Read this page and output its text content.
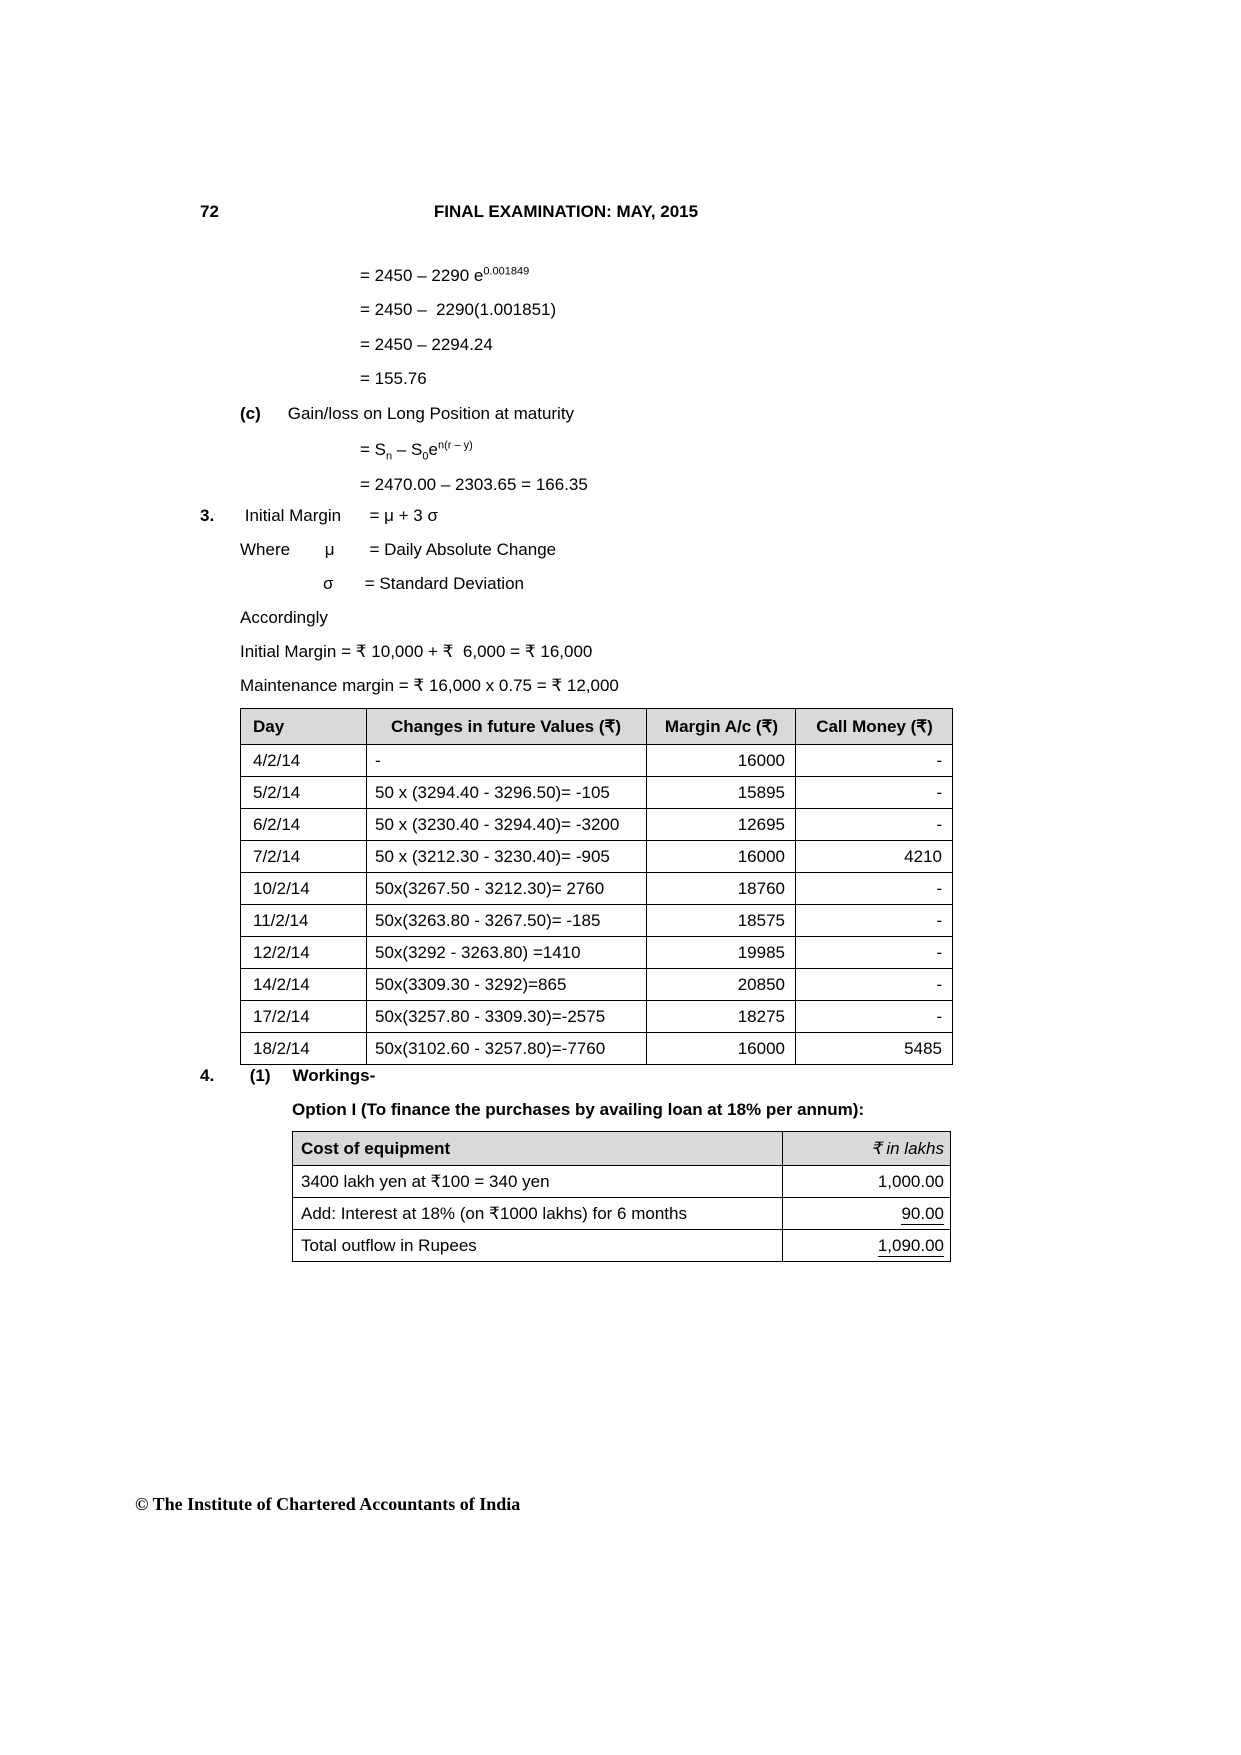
72	FINAL EXAMINATION: MAY, 2015
= 2450 – 2290 $e^{0.001849}$
= 2450 –  2290(1.001851)
= 2450 – 2294.24
= 155.76
(c) Gain/loss on Long Position at maturity
= $S_n - S_0e^{n(r - y)}$
= 2470.00 – 2303.65 = 166.35
3. Initial Margin = μ + 3 σ
Where μ = Daily Absolute Change
σ = Standard Deviation
Accordingly
Initial Margin = ₹ 10,000 + ₹  6,000 = ₹ 16,000
Maintenance margin = ₹ 16,000 x 0.75 = ₹ 12,000
Day	Changes in future Values (₹)	Margin A/c (₹)	Call Money (₹)
4/2/14	-	16000	-
5/2/14	50 x (3294.40 - 3296.50)= -105	15895	-
6/2/14	50 x (3230.40 - 3294.40)= -3200	12695	-
7/2/14	50 x (3212.30 - 3230.40)= -905	16000	4210
10/2/14	50x(3267.50 - 3212.30)= 2760	18760	-
11/2/14	50x(3263.80 - 3267.50)= -185	18575	-
12/2/14	50x(3292 - 3263.80) =1410	19985	-
14/2/14	50x(3309.30 - 3292)=865	20850	-
17/2/14	50x(3257.80 - 3309.30)=-2575	18275	-
18/2/14	50x(3102.60 - 3257.80)=-7760	16000	5485
4. (1) Workings-
Option I (To finance the purchases by availing loan at 18% per annum):
Cost of equipment	₹ in lakhs
3400 lakh yen at ₹100 = 340 yen	1,000.00
Add: Interest at 18% (on ₹1000 lakhs) for 6 months	90.00
Total outflow in Rupees	1,090.00
© The Institute of Chartered Accountants of India
